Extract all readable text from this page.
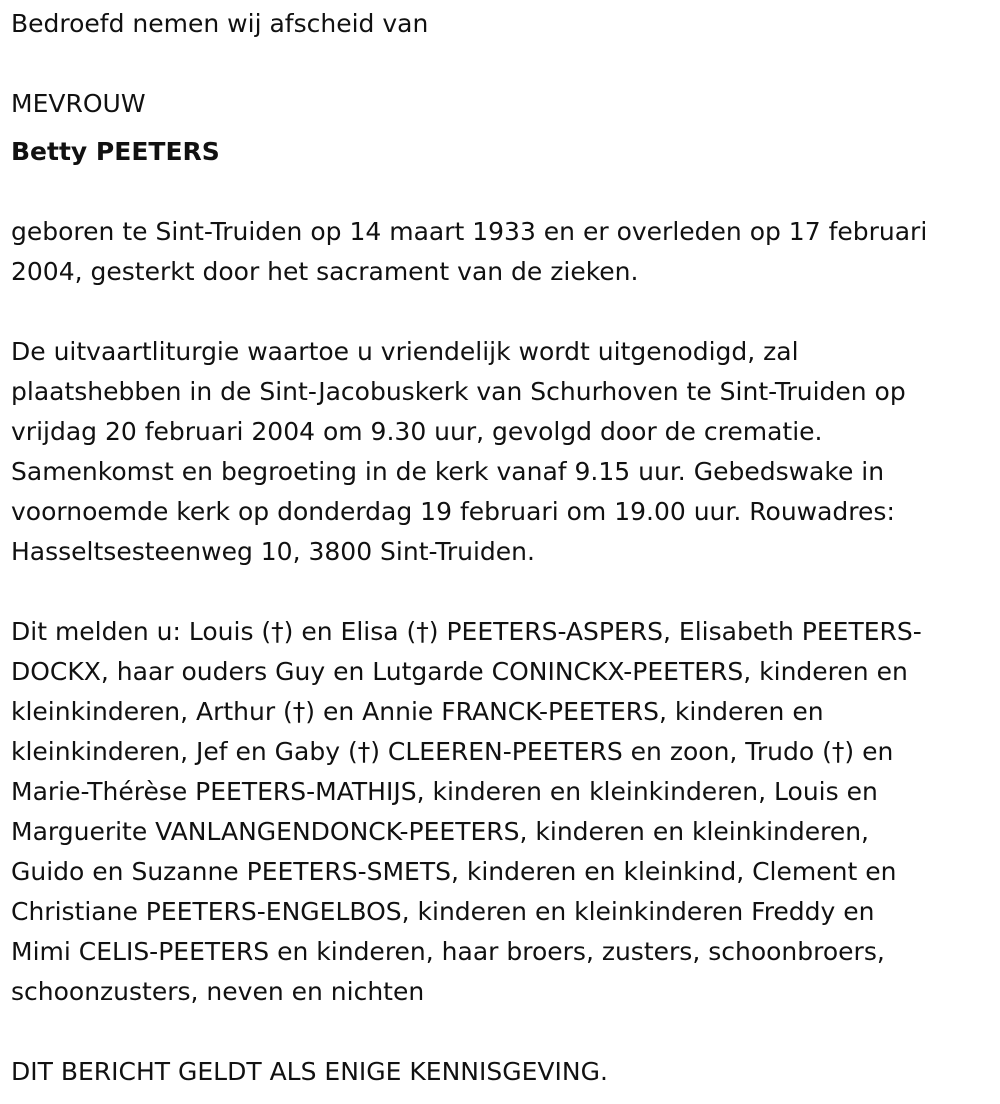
Bedroefd nemen wij afscheid van
MEVROUW
Betty PEETERS
geboren te Sint-Truiden op 14 maart 1933 en er overleden op 17 februari
2004, gesterkt door het sacrament van de zieken.
De uitvaartliturgie waartoe u vriendelijk wordt uitgenodigd, zal
plaatshebben in de Sint-Jacobuskerk van Schurhoven te Sint-Truiden op
vrijdag 20 februari 2004 om 9.30 uur, gevolgd door de crematie.
Samenkomst en begroeting in de kerk vanaf 9.15 uur. Gebedswake in
voornoemde kerk op donderdag 19 februari om 19.00 uur. Rouwadres:
Hasseltsesteenweg 10, 3800 Sint-Truiden.
Dit melden u: Louis (†) en Elisa (†) PEETERS-ASPERS, Elisabeth PEETERS-
DOCKX, haar ouders Guy en Lutgarde CONINCKX-PEETERS, kinderen en
kleinkinderen, Arthur (†) en Annie FRANCK-PEETERS, kinderen en
kleinkinderen, Jef en Gaby (†) CLEEREN-PEETERS en zoon, Trudo (†) en
Marie-Thérèse PEETERS-MATHIJS, kinderen en kleinkinderen, Louis en
Marguerite VANLANGENDONCK-PEETERS, kinderen en kleinkinderen,
Guido en Suzanne PEETERS-SMETS, kinderen en kleinkind, Clement en
Christiane PEETERS-ENGELBOS, kinderen en kleinkinderen Freddy en
Mimi CELIS-PEETERS en kinderen, haar broers, zusters, schoonbroers,
schoonzusters, neven en nichten
DIT BERICHT GELDT ALS ENIGE KENNISGEVING.
